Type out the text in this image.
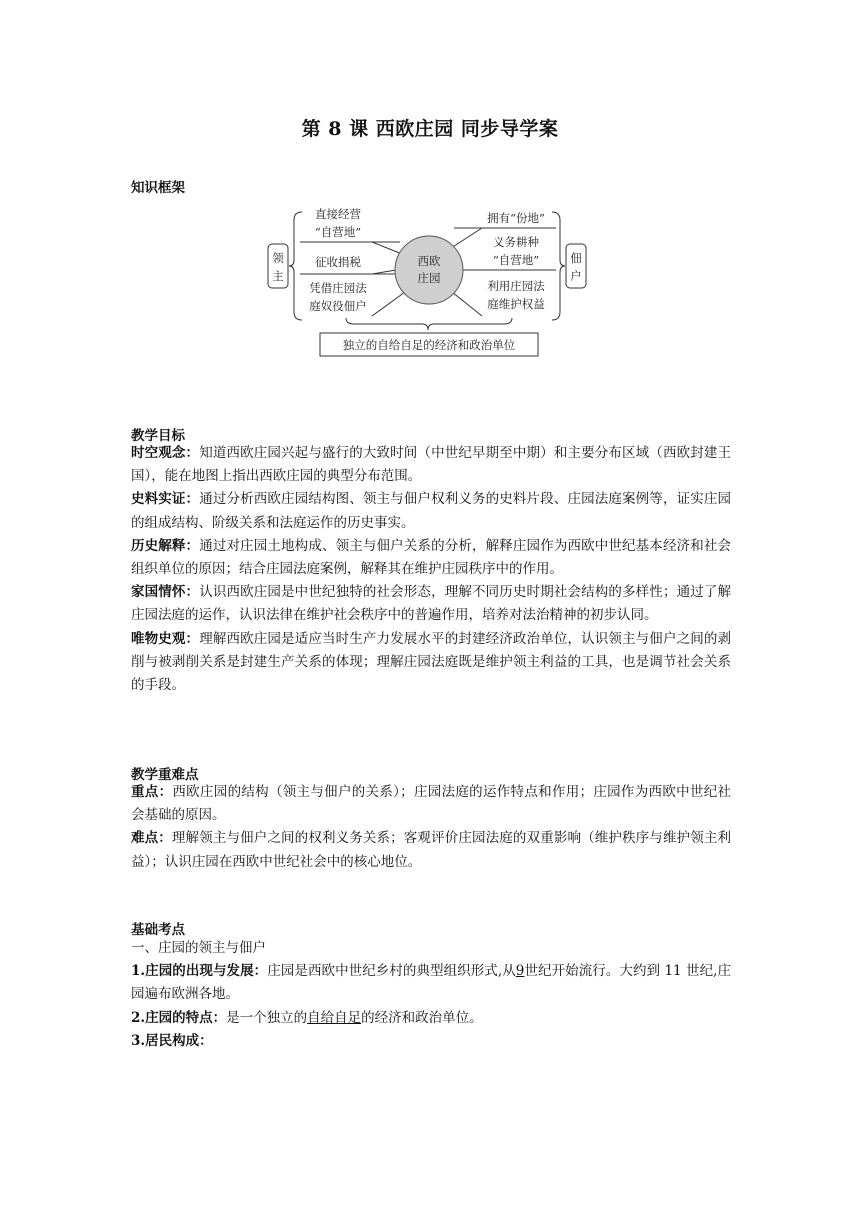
第 8 课 西欧庄园 同步导学案
知识框架
领
主
佃
户
西欧
庄园
直接经营
“自营地”
征收捐税
凭借庄园法
庭奴役佃户
拥有“份地”
义务耕种
“自营地”
利用庄园法
庭维护权益
独立的自给自足的经济和政治单位
教学目标
时空观念：知道西欧庄园兴起与盛行的大致时间（中世纪早期至中期）和主要分布区域（西欧封建王国），能在地图上指出西欧庄园的典型分布范围。
史料实证：通过分析西欧庄园结构图、领主与佃户权利义务的史料片段、庄园法庭案例等，证实庄园的组成结构、阶级关系和法庭运作的历史事实。
历史解释：通过对庄园土地构成、领主与佃户关系的分析，解释庄园作为西欧中世纪基本经济和社会组织单位的原因；结合庄园法庭案例，解释其在维护庄园秩序中的作用。
家国情怀：认识西欧庄园是中世纪独特的社会形态，理解不同历史时期社会结构的多样性；通过了解庄园法庭的运作，认识法律在维护社会秩序中的普遍作用，培养对法治精神的初步认同。
唯物史观：理解西欧庄园是适应当时生产力发展水平的封建经济政治单位，认识领主与佃户之间的剥削与被剥削关系是封建生产关系的体现；理解庄园法庭既是维护领主利益的工具，也是调节社会关系的手段。
教学重难点
重点：西欧庄园的结构（领主与佃户的关系）；庄园法庭的运作特点和作用；庄园作为西欧中世纪社会基础的原因。
难点：理解领主与佃户之间的权利义务关系；客观评价庄园法庭的双重影响（维护秩序与维护领主利益）；认识庄园在西欧中世纪社会中的核心地位。
基础考点
一、庄园的领主与佃户
1.庄园的出现与发展：庄园是西欧中世纪乡村的典型组织形式,从9世纪开始流行。大约到 11 世纪,庄园遍布欧洲各地。
2.庄园的特点：是一个独立的自给自足的经济和政治单位。
3.居民构成：
